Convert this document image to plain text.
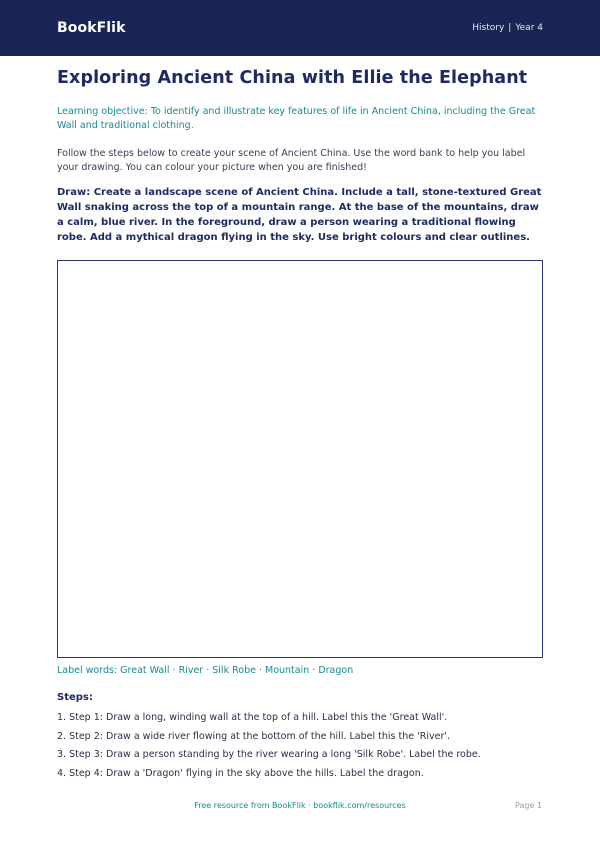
BookFlik	History | Year 4
Exploring Ancient China with Ellie the Elephant

Learning objective: To identify and illustrate key features of life in Ancient China, including the Great Wall and traditional clothing.

Follow the steps below to create your scene of Ancient China. Use the word bank to help you label your drawing. You can colour your picture when you are finished!

Draw: Create a landscape scene of Ancient China. Include a tall, stone-textured Great Wall snaking across the top of a mountain range. At the base of the mountains, draw a calm, blue river. In the foreground, draw a person wearing a traditional flowing robe. Add a mythical dragon flying in the sky. Use bright colours and clear outlines.

Label words: Great Wall · River · Silk Robe · Mountain · Dragon

Steps:
1. Step 1: Draw a long, winding wall at the top of a hill. Label this the 'Great Wall'.
2. Step 2: Draw a wide river flowing at the bottom of the hill. Label this the 'River'.
3. Step 3: Draw a person standing by the river wearing a long 'Silk Robe'. Label the robe.
4. Step 4: Draw a 'Dragon' flying in the sky above the hills. Label the dragon.
Free resource from BookFlik · bookflik.com/resources	Page 1
